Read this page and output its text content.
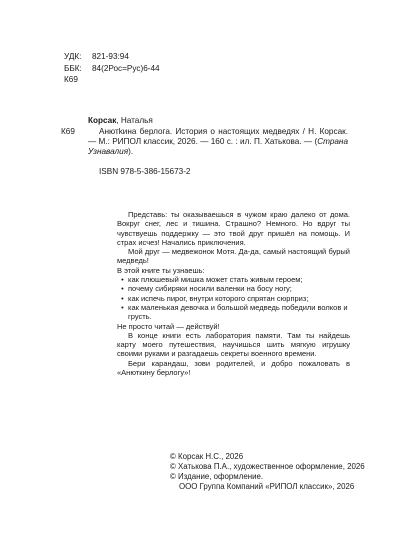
УДК:	821-93:94
ББК:	84(2Рос=Рус)6-44
К69
К69
Корсак, Наталья

Анютkина берлога. История о настоящих медведях / Н. Корсак. — М.: РИПОЛ классик, 2026. — 160 с. : ил. П. Хатькова. — (Страна Узнавалия).

ISBN 978-5-386-15673-2

Представь: ты оказываешься в чужом краю далеко от дома. Вокруг снег, лес и тишина. Страшно? Немного. Но вдруг ты чувствуешь поддержку — это твой друг пришёл на помощь. И страх исчез! Начались приключения.

Мой друг — медвежонок Мотя. Да-да, самый настоящий бурый медведь!

В этой книге ты узнаешь:

• как плюшевый мишка может стать живым героем;
• почему сибиряки носили валенки на босу ногу;
• как испечь пирог, внутри которого спрятан сюрприз;
• как маленькая девочка и большой медведь победили волков и грусть.

Не просто читай — действуй!

В конце книги есть лаборатория памяти. Там ты найдешь карту моего путешествия, научишься шить мягкую игрушку своими руками и разгадаешь секреты военного времени.

Бери карандаш, зови родителей, и добро пожаловать в «Анюткину берлогу»!

© Корсак Н.С., 2026
© Хатькова П.А., художественное оформление, 2026
© Издание, оформление.
ООО Группа Компаний «РИПОЛ классик», 2026
